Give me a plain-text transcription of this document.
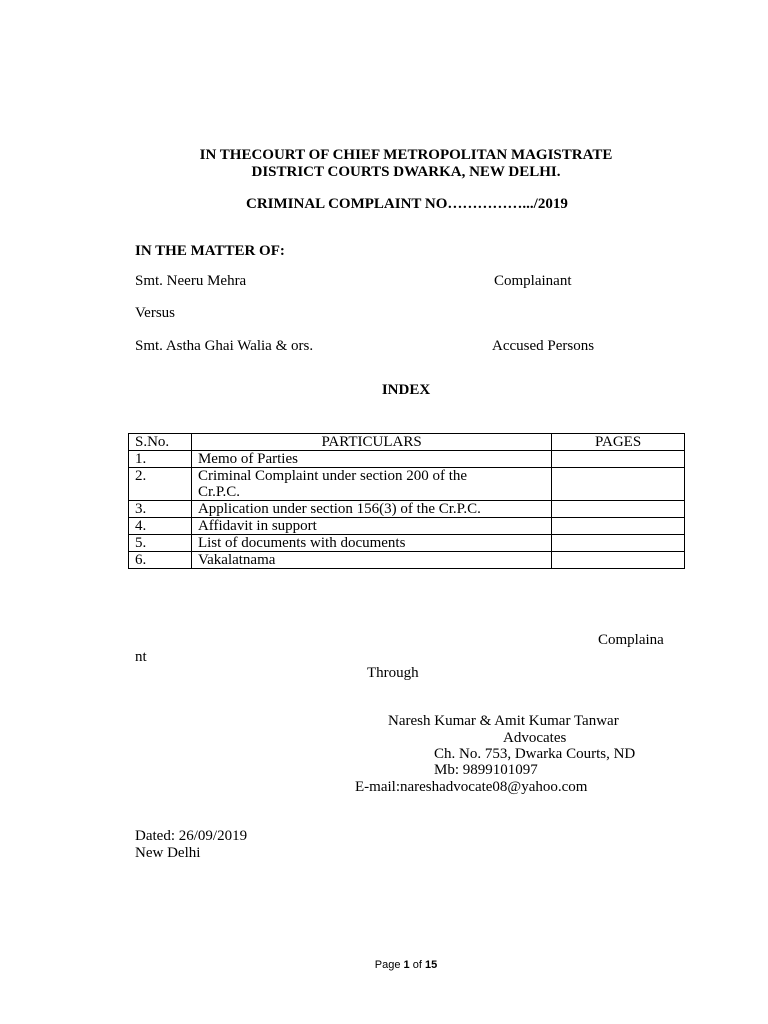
IN THECOURT OF CHIEF METROPOLITAN MAGISTRATE
DISTRICT COURTS DWARKA, NEW DELHI.
CRIMINAL COMPLAINT NO…………….../2019
IN THE MATTER OF:
Smt. Neeru Mehra	Complainant
Versus
Smt. Astha Ghai Walia & ors.	Accused Persons
INDEX
S.No.	PARTICULARS	PAGES
1.	Memo of Parties	
2.	Criminal Complaint under section 200 of the
Cr.P.C.	

3.	Application under section 156(3) of the Cr.P.C.	
4.	Affidavit in support	
5.	List of documents with documents	
6.	Vakalatnama	
Complaina
nt
Through
Naresh Kumar & Amit Kumar Tanwar
Advocates
Ch. No. 753, Dwarka Courts, ND
Mb: 9899101097
E-mail:nareshadvocate08@yahoo.com
Dated: 26/09/2019
New Delhi
Page 1 of 15
